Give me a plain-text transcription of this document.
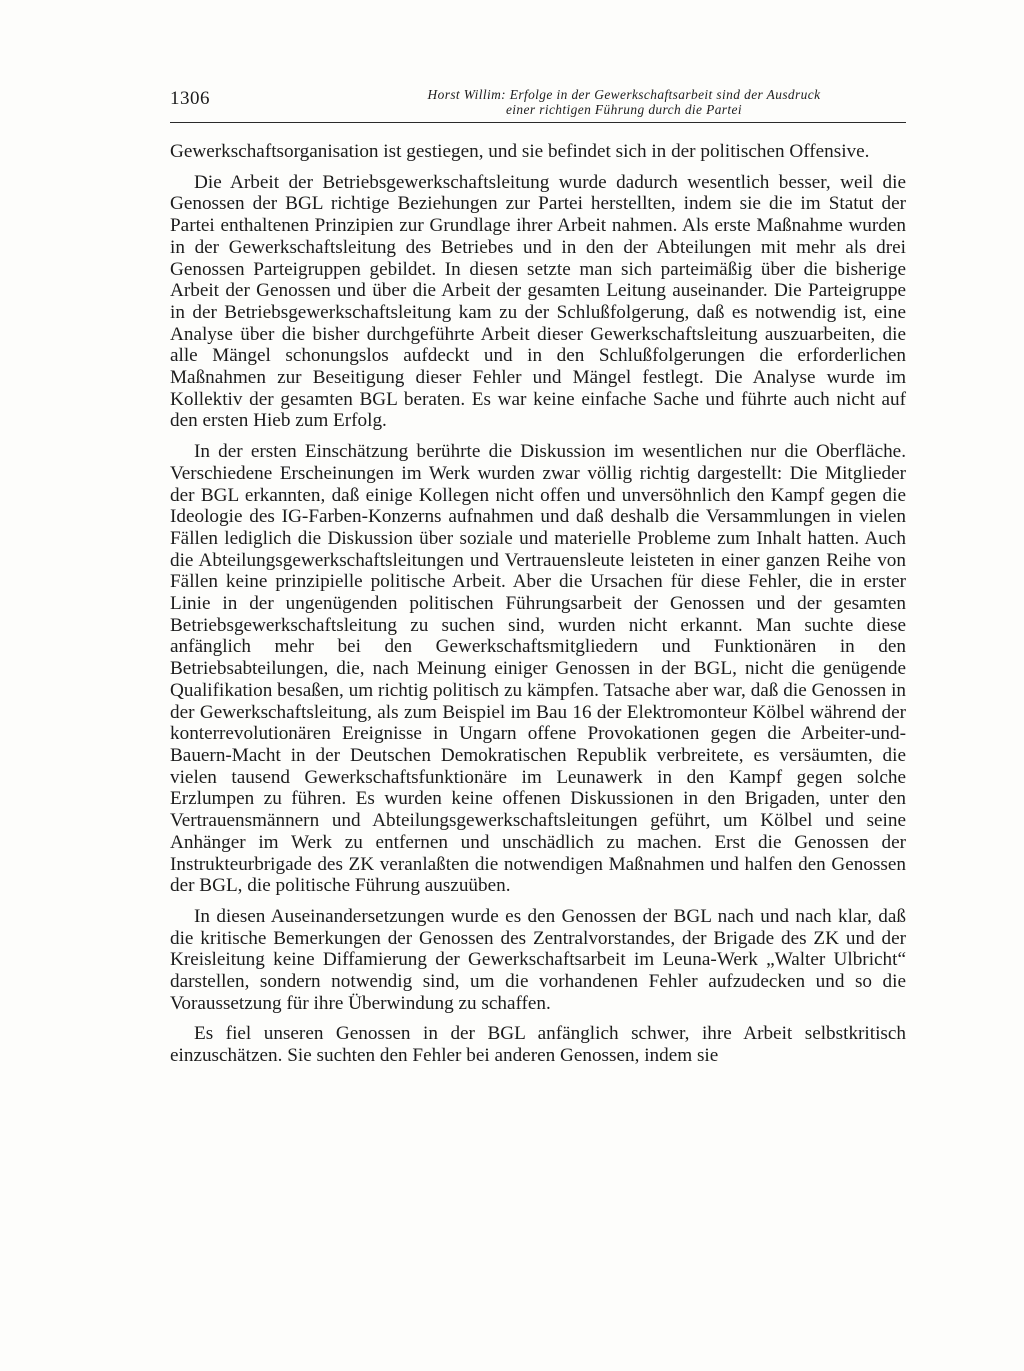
1306	Horst Willim: Erfolge in der Gewerkschaftsarbeit sind der Ausdruck
einer richtigen Führung durch die Partei

Gewerkschaftsorganisation ist gestiegen, und sie befindet sich in der politischen Offensive.

Die Arbeit der Betriebsgewerkschaftsleitung wurde dadurch wesentlich besser, weil die Genossen der BGL richtige Beziehungen zur Partei herstellten, indem sie die im Statut der Partei enthaltenen Prinzipien zur Grundlage ihrer Arbeit nahmen. Als erste Maßnahme wurden in der Gewerkschaftsleitung des Betriebes und in den der Abteilungen mit mehr als drei Genossen Parteigruppen gebildet. In diesen setzte man sich parteimäßig über die bisherige Arbeit der Genossen und über die Arbeit der gesamten Leitung auseinander. Die Parteigruppe in der Betriebsgewerkschaftsleitung kam zu der Schlußfolgerung, daß es notwendig ist, eine Analyse über die bisher durchgeführte Arbeit dieser Gewerkschaftsleitung auszuarbeiten, die alle Mängel schonungslos aufdeckt und in den Schlußfolgerungen die erforderlichen Maßnahmen zur Beseitigung dieser Fehler und Mängel festlegt. Die Analyse wurde im Kollektiv der gesamten BGL beraten. Es war keine einfache Sache und führte auch nicht auf den ersten Hieb zum Erfolg.

In der ersten Einschätzung berührte die Diskussion im wesentlichen nur die Oberfläche. Verschiedene Erscheinungen im Werk wurden zwar völlig richtig dargestellt: Die Mitglieder der BGL erkannten, daß einige Kollegen nicht offen und unversöhnlich den Kampf gegen die Ideologie des IG-Farben-Konzerns aufnahmen und daß deshalb die Versammlungen in vielen Fällen lediglich die Diskussion über soziale und materielle Probleme zum Inhalt hatten. Auch die Abteilungsgewerkschaftsleitungen und Vertrauensleute leisteten in einer ganzen Reihe von Fällen keine prinzipielle politische Arbeit. Aber die Ursachen für diese Fehler, die in erster Linie in der ungenügenden politischen Führungsarbeit der Genossen und der gesamten Betriebsgewerkschaftsleitung zu suchen sind, wurden nicht erkannt. Man suchte diese anfänglich mehr bei den Gewerkschaftsmitgliedern und Funktionären in den Betriebsabteilungen, die, nach Meinung einiger Genossen in der BGL, nicht die genügende Qualifikation besaßen, um richtig politisch zu kämpfen. Tatsache aber war, daß die Genossen in der Gewerkschaftsleitung, als zum Beispiel im Bau 16 der Elektromonteur Kölbel während der konterrevolutionären Ereignisse in Ungarn offene Provokationen gegen die Arbeiter-und-Bauern-Macht in der Deutschen Demokratischen Republik verbreitete, es versäumten, die vielen tausend Gewerkschaftsfunktionäre im Leunawerk in den Kampf gegen solche Erzlumpen zu führen. Es wurden keine offenen Diskussionen in den Brigaden, unter den Vertrauensmännern und Abteilungsgewerkschaftsleitungen geführt, um Kölbel und seine Anhänger im Werk zu entfernen und unschädlich zu machen. Erst die Genossen der Instrukteurbrigade des ZK veranlaßten die notwendigen Maßnahmen und halfen den Genossen der BGL, die politische Führung auszuüben.

In diesen Auseinandersetzungen wurde es den Genossen der BGL nach und nach klar, daß die kritische Bemerkungen der Genossen des Zentralvorstandes, der Brigade des ZK und der Kreisleitung keine Diffamierung der Gewerkschaftsarbeit im Leuna-Werk „Walter Ulbricht“ darstellen, sondern notwendig sind, um die vorhandenen Fehler aufzudecken und so die Voraussetzung für ihre Überwindung zu schaffen.

Es fiel unseren Genossen in der BGL anfänglich schwer, ihre Arbeit selbstkritisch einzuschätzen. Sie suchten den Fehler bei anderen Genossen, indem sie
